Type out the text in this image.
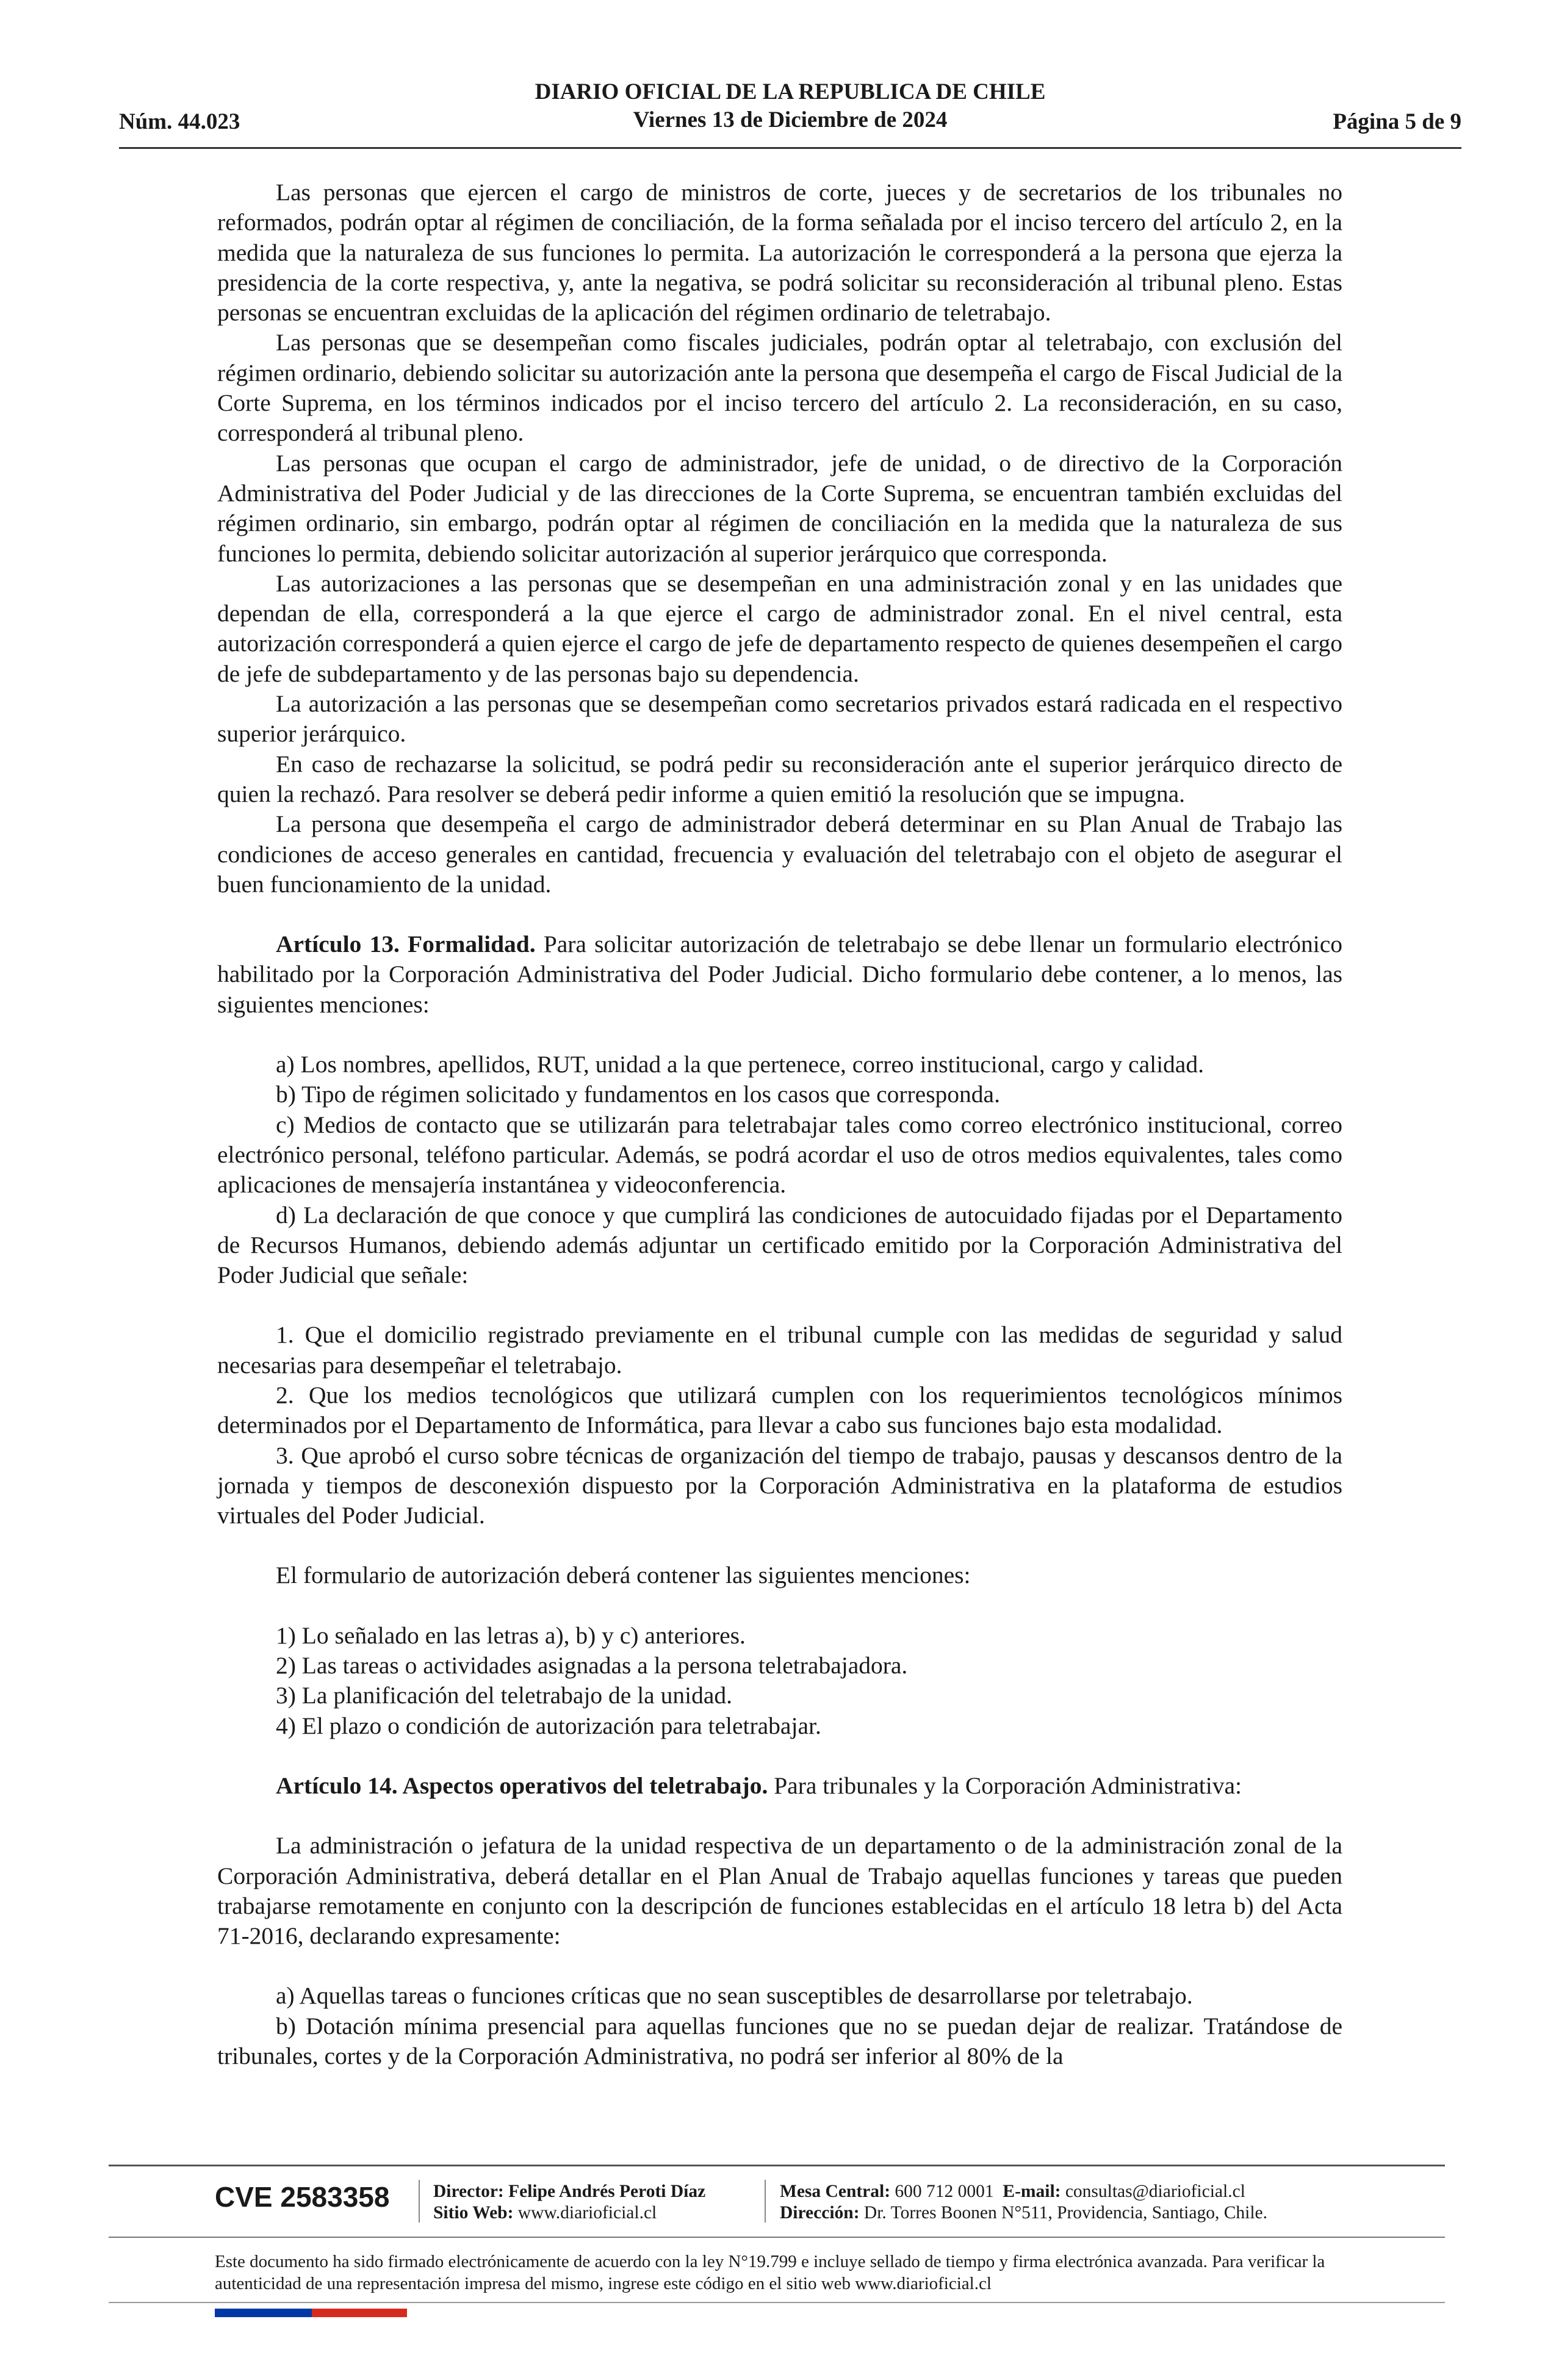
Núm. 44.023
DIARIO OFICIAL DE LA REPUBLICA DE CHILE
Viernes 13 de Diciembre de 2024	Página 5 de 9

Las personas que ejercen el cargo de ministros de corte, jueces y de secretarios de los tribunales no reformados, podrán optar al régimen de conciliación, de la forma señalada por el inciso tercero del artículo 2, en la medida que la naturaleza de sus funciones lo permita. La autorización le corresponderá a la persona que ejerza la presidencia de la corte respectiva, y, ante la negativa, se podrá solicitar su reconsideración al tribunal pleno. Estas personas se encuentran excluidas de la aplicación del régimen ordinario de teletrabajo.

Las personas que se desempeñan como fiscales judiciales, podrán optar al teletrabajo, con exclusión del régimen ordinario, debiendo solicitar su autorización ante la persona que desempeña el cargo de Fiscal Judicial de la Corte Suprema, en los términos indicados por el inciso tercero del artículo 2. La reconsideración, en su caso, corresponderá al tribunal pleno.

Las personas que ocupan el cargo de administrador, jefe de unidad, o de directivo de la Corporación Administrativa del Poder Judicial y de las direcciones de la Corte Suprema, se encuentran también excluidas del régimen ordinario, sin embargo, podrán optar al régimen de conciliación en la medida que la naturaleza de sus funciones lo permita, debiendo solicitar autorización al superior jerárquico que corresponda.

Las autorizaciones a las personas que se desempeñan en una administración zonal y en las unidades que dependan de ella, corresponderá a la que ejerce el cargo de administrador zonal. En el nivel central, esta autorización corresponderá a quien ejerce el cargo de jefe de departamento respecto de quienes desempeñen el cargo de jefe de subdepartamento y de las personas bajo su dependencia.

La autorización a las personas que se desempeñan como secretarios privados estará radicada en el respectivo superior jerárquico.

En caso de rechazarse la solicitud, se podrá pedir su reconsideración ante el superior jerárquico directo de quien la rechazó. Para resolver se deberá pedir informe a quien emitió la resolución que se impugna.

La persona que desempeña el cargo de administrador deberá determinar en su Plan Anual de Trabajo las condiciones de acceso generales en cantidad, frecuencia y evaluación del teletrabajo con el objeto de asegurar el buen funcionamiento de la unidad.

Artículo 13. Formalidad. Para solicitar autorización de teletrabajo se debe llenar un formulario electrónico habilitado por la Corporación Administrativa del Poder Judicial. Dicho formulario debe contener, a lo menos, las siguientes menciones:

a) Los nombres, apellidos, RUT, unidad a la que pertenece, correo institucional, cargo y calidad.

b) Tipo de régimen solicitado y fundamentos en los casos que corresponda.

c) Medios de contacto que se utilizarán para teletrabajar tales como correo electrónico institucional, correo electrónico personal, teléfono particular. Además, se podrá acordar el uso de otros medios equivalentes, tales como aplicaciones de mensajería instantánea y videoconferencia.

d) La declaración de que conoce y que cumplirá las condiciones de autocuidado fijadas por el Departamento de Recursos Humanos, debiendo además adjuntar un certificado emitido por la Corporación Administrativa del Poder Judicial que señale:

1. Que el domicilio registrado previamente en el tribunal cumple con las medidas de seguridad y salud necesarias para desempeñar el teletrabajo.

2. Que los medios tecnológicos que utilizará cumplen con los requerimientos tecnológicos mínimos determinados por el Departamento de Informática, para llevar a cabo sus funciones bajo esta modalidad.

3. Que aprobó el curso sobre técnicas de organización del tiempo de trabajo, pausas y descansos dentro de la jornada y tiempos de desconexión dispuesto por la Corporación Administrativa en la plataforma de estudios virtuales del Poder Judicial.

El formulario de autorización deberá contener las siguientes menciones:

1) Lo señalado en las letras a), b) y c) anteriores.

2) Las tareas o actividades asignadas a la persona teletrabajadora.

3) La planificación del teletrabajo de la unidad.

4) El plazo o condición de autorización para teletrabajar.

Artículo 14. Aspectos operativos del teletrabajo. Para tribunales y la Corporación Administrativa:

La administración o jefatura de la unidad respectiva de un departamento o de la administración zonal de la Corporación Administrativa, deberá detallar en el Plan Anual de Trabajo aquellas funciones y tareas que pueden trabajarse remotamente en conjunto con la descripción de funciones establecidas en el artículo 18 letra b) del Acta 71-2016, declarando expresamente:

a) Aquellas tareas o funciones críticas que no sean susceptibles de desarrollarse por teletrabajo.

b) Dotación mínima presencial para aquellas funciones que no se puedan dejar de realizar. Tratándose de tribunales, cortes y de la Corporación Administrativa, no podrá ser inferior al 80% de la

CVE 2583358 Director: Felipe Andrés Peroti Díaz
Sitio Web: www.diarioficial.cl
Mesa Central: 600 712 0001 E-mail: consultas@diarioficial.cl
Dirección: Dr. Torres Boonen N°511, Providencia, Santiago, Chile.
Este documento ha sido firmado electrónicamente de acuerdo con la ley N°19.799 e incluye sellado de tiempo y firma electrónica avanzada. Para verificar la autenticidad de una representación impresa del mismo, ingrese este código en el sitio web www.diarioficial.cl
